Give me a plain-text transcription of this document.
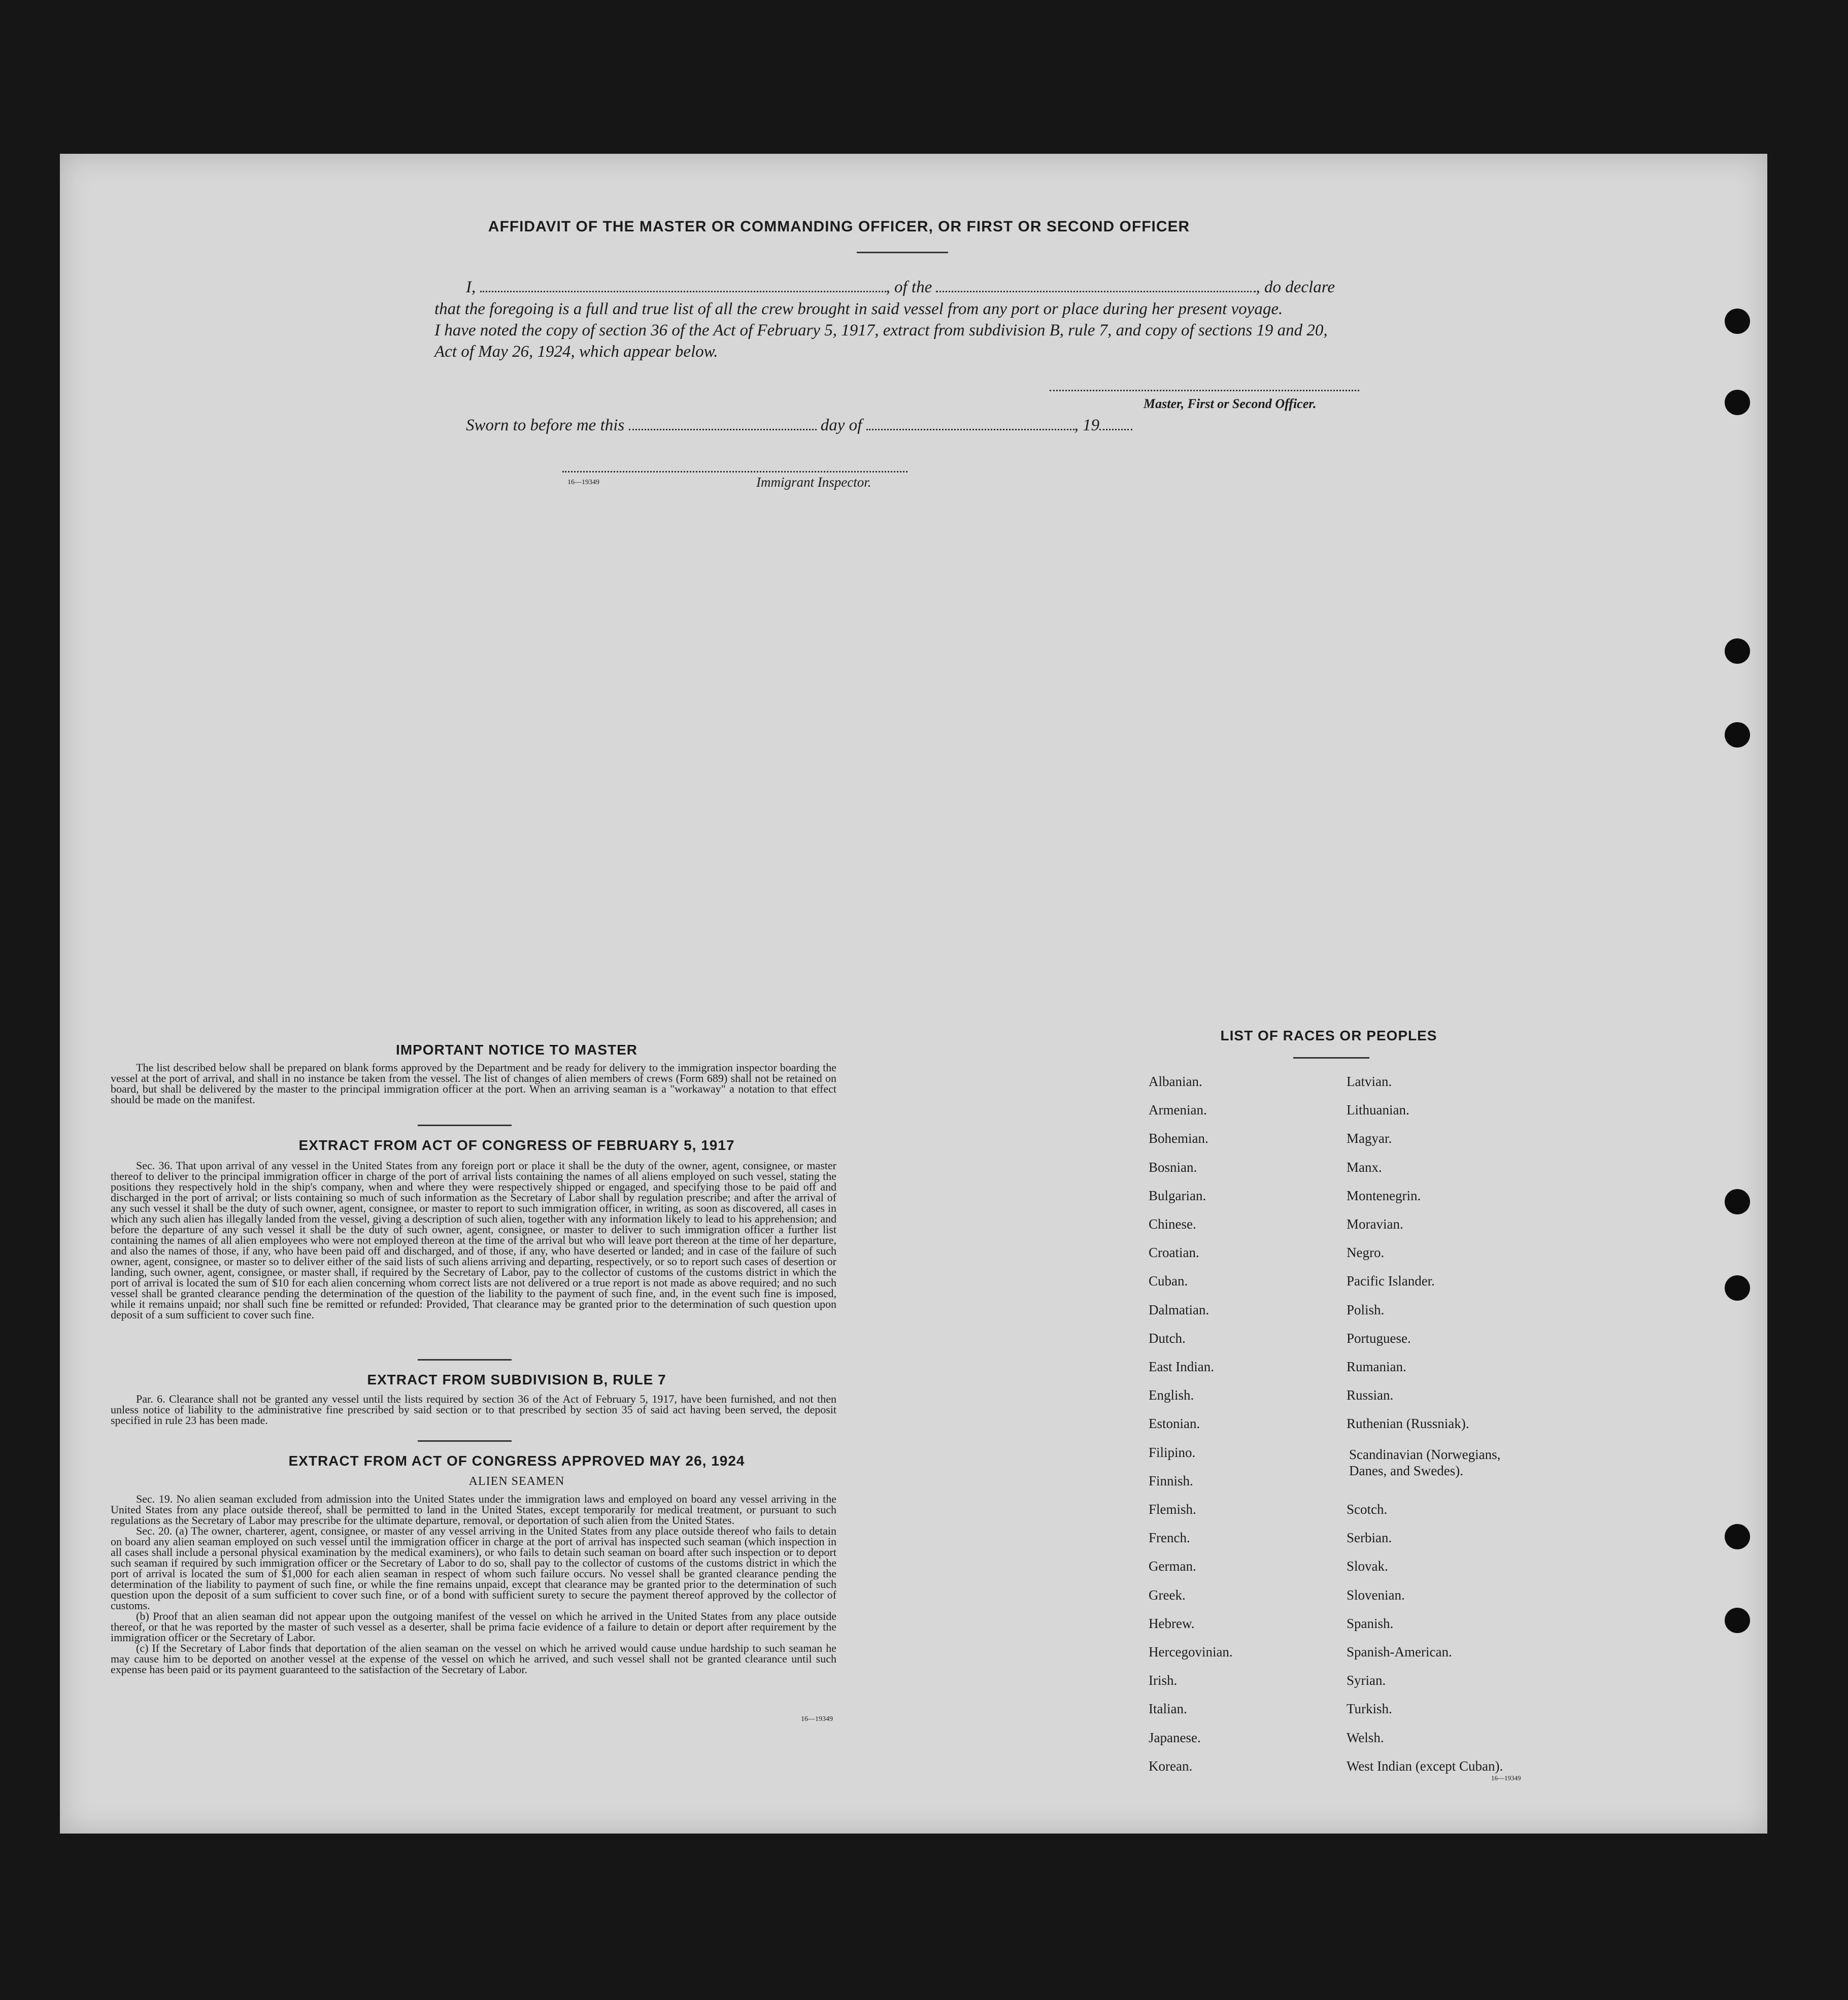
AFFIDAVIT OF THE MASTER OR COMMANDING OFFICER, OR FIRST OR SECOND OFFICER
I,	, of the	, do declare
that the foregoing is a full and true list of all the crew brought in said vessel from any port or place during her present voyage.
I have noted the copy of section 36 of the Act of February 5, 1917, extract from subdivision B, rule 7, and copy of sections 19 and 20,
Act of May 26, 1924, which appear below.
Master, First or Second Officer.
Sworn to before me this	day of	, 19
16—19349	Immigrant Inspector.
IMPORTANT NOTICE TO MASTER
The list described below shall be prepared on blank forms approved by the Department and be ready for delivery to the immigration inspector boarding the vessel at the port of arrival, and shall in no instance be taken from the vessel. The list of changes of alien members of crews (Form 689) shall not be retained on board, but shall be delivered by the master to the principal immigration officer at the port. When an arriving seaman is a "workaway" a notation to that effect should be made on the manifest.
EXTRACT FROM ACT OF CONGRESS OF FEBRUARY 5, 1917
Sec. 36. That upon arrival of any vessel in the United States from any foreign port or place it shall be the duty of the owner, agent, consignee, or master thereof to deliver to the principal immigration officer in charge of the port of arrival lists containing the names of all aliens employed on such vessel, stating the positions they respectively hold in the ship's company, when and where they were respectively shipped or engaged, and specifying those to be paid off and discharged in the port of arrival; or lists containing so much of such information as the Secretary of Labor shall by regulation prescribe; and after the arrival of any such vessel it shall be the duty of such owner, agent, consignee, or master to report to such immigration officer, in writing, as soon as discovered, all cases in which any such alien has illegally landed from the vessel, giving a description of such alien, together with any information likely to lead to his apprehension; and before the departure of any such vessel it shall be the duty of such owner, agent, consignee, or master to deliver to such immigration officer a further list containing the names of all alien employees who were not employed thereon at the time of the arrival but who will leave port thereon at the time of her departure, and also the names of those, if any, who have been paid off and discharged, and of those, if any, who have deserted or landed; and in case of the failure of such owner, agent, consignee, or master so to deliver either of the said lists of such aliens arriving and departing, respectively, or so to report such cases of desertion or landing, such owner, agent, consignee, or master shall, if required by the Secretary of Labor, pay to the collector of customs of the customs district in which the port of arrival is located the sum of $10 for each alien concerning whom correct lists are not delivered or a true report is not made as above required; and no such vessel shall be granted clearance pending the determination of the question of the liability to the payment of such fine, and, in the event such fine is imposed, while it remains unpaid; nor shall such fine be remitted or refunded: Provided, That clearance may be granted prior to the determination of such question upon deposit of a sum sufficient to cover such fine.
EXTRACT FROM SUBDIVISION B, RULE 7
Par. 6. Clearance shall not be granted any vessel until the lists required by section 36 of the Act of February 5, 1917, have been furnished, and not then unless notice of liability to the administrative fine prescribed by said section or to that prescribed by section 35 of said act having been served, the deposit specified in rule 23 has been made.
EXTRACT FROM ACT OF CONGRESS APPROVED MAY 26, 1924
ALIEN SEAMEN
Sec. 19. No alien seaman excluded from admission into the United States under the immigration laws and employed on board any vessel arriving in the United States from any place outside thereof, shall be permitted to land in the United States, except temporarily for medical treatment, or pursuant to such regulations as the Secretary of Labor may prescribe for the ultimate departure, removal, or deportation of such alien from the United States.
Sec. 20. (a) The owner, charterer, agent, consignee, or master of any vessel arriving in the United States from any place outside thereof who fails to detain on board any alien seaman employed on such vessel until the immigration officer in charge at the port of arrival has inspected such seaman (which inspection in all cases shall include a personal physical examination by the medical examiners), or who fails to detain such seaman on board after such inspection or to deport such seaman if required by such immigration officer or the Secretary of Labor to do so, shall pay to the collector of customs of the customs district in which the port of arrival is located the sum of $1,000 for each alien seaman in respect of whom such failure occurs. No vessel shall be granted clearance pending the determination of the liability to payment of such fine, or while the fine remains unpaid, except that clearance may be granted prior to the determination of such question upon the deposit of a sum sufficient to cover such fine, or of a bond with sufficient surety to secure the payment thereof approved by the collector of customs.
(b) Proof that an alien seaman did not appear upon the outgoing manifest of the vessel on which he arrived in the United States from any place outside thereof, or that he was reported by the master of such vessel as a deserter, shall be prima facie evidence of a failure to detain or deport after requirement by the immigration officer or the Secretary of Labor.
(c) If the Secretary of Labor finds that deportation of the alien seaman on the vessel on which he arrived would cause undue hardship to such seaman he may cause him to be deported on another vessel at the expense of the vessel on which he arrived, and such vessel shall not be granted clearance until such expense has been paid or its payment guaranteed to the satisfaction of the Secretary of Labor.
16—19349
LIST OF RACES OR PEOPLES
Albanian.
Armenian.
Bohemian.
Bosnian.
Bulgarian.
Chinese.
Croatian.
Cuban.
Dalmatian.
Dutch.
East Indian.
English.
Estonian.
Filipino.
Finnish.
Flemish.
French.
German.
Greek.
Hebrew.
Hercegovinian.
Irish.
Italian.
Japanese.
Korean.
Latvian.
Lithuanian.
Magyar.
Manx.
Montenegrin.
Moravian.
Negro.
Pacific Islander.
Polish.
Portuguese.
Rumanian.
Russian.
Ruthenian (Russniak).
Scandinavian (Norwegians,
Scotch.
Serbian.
Slovak.
Slovenian.
Spanish.
Spanish-American.
Syrian.
Turkish.
Welsh.
West Indian (except Cuban).
Danes, and Swedes).
16—19349
